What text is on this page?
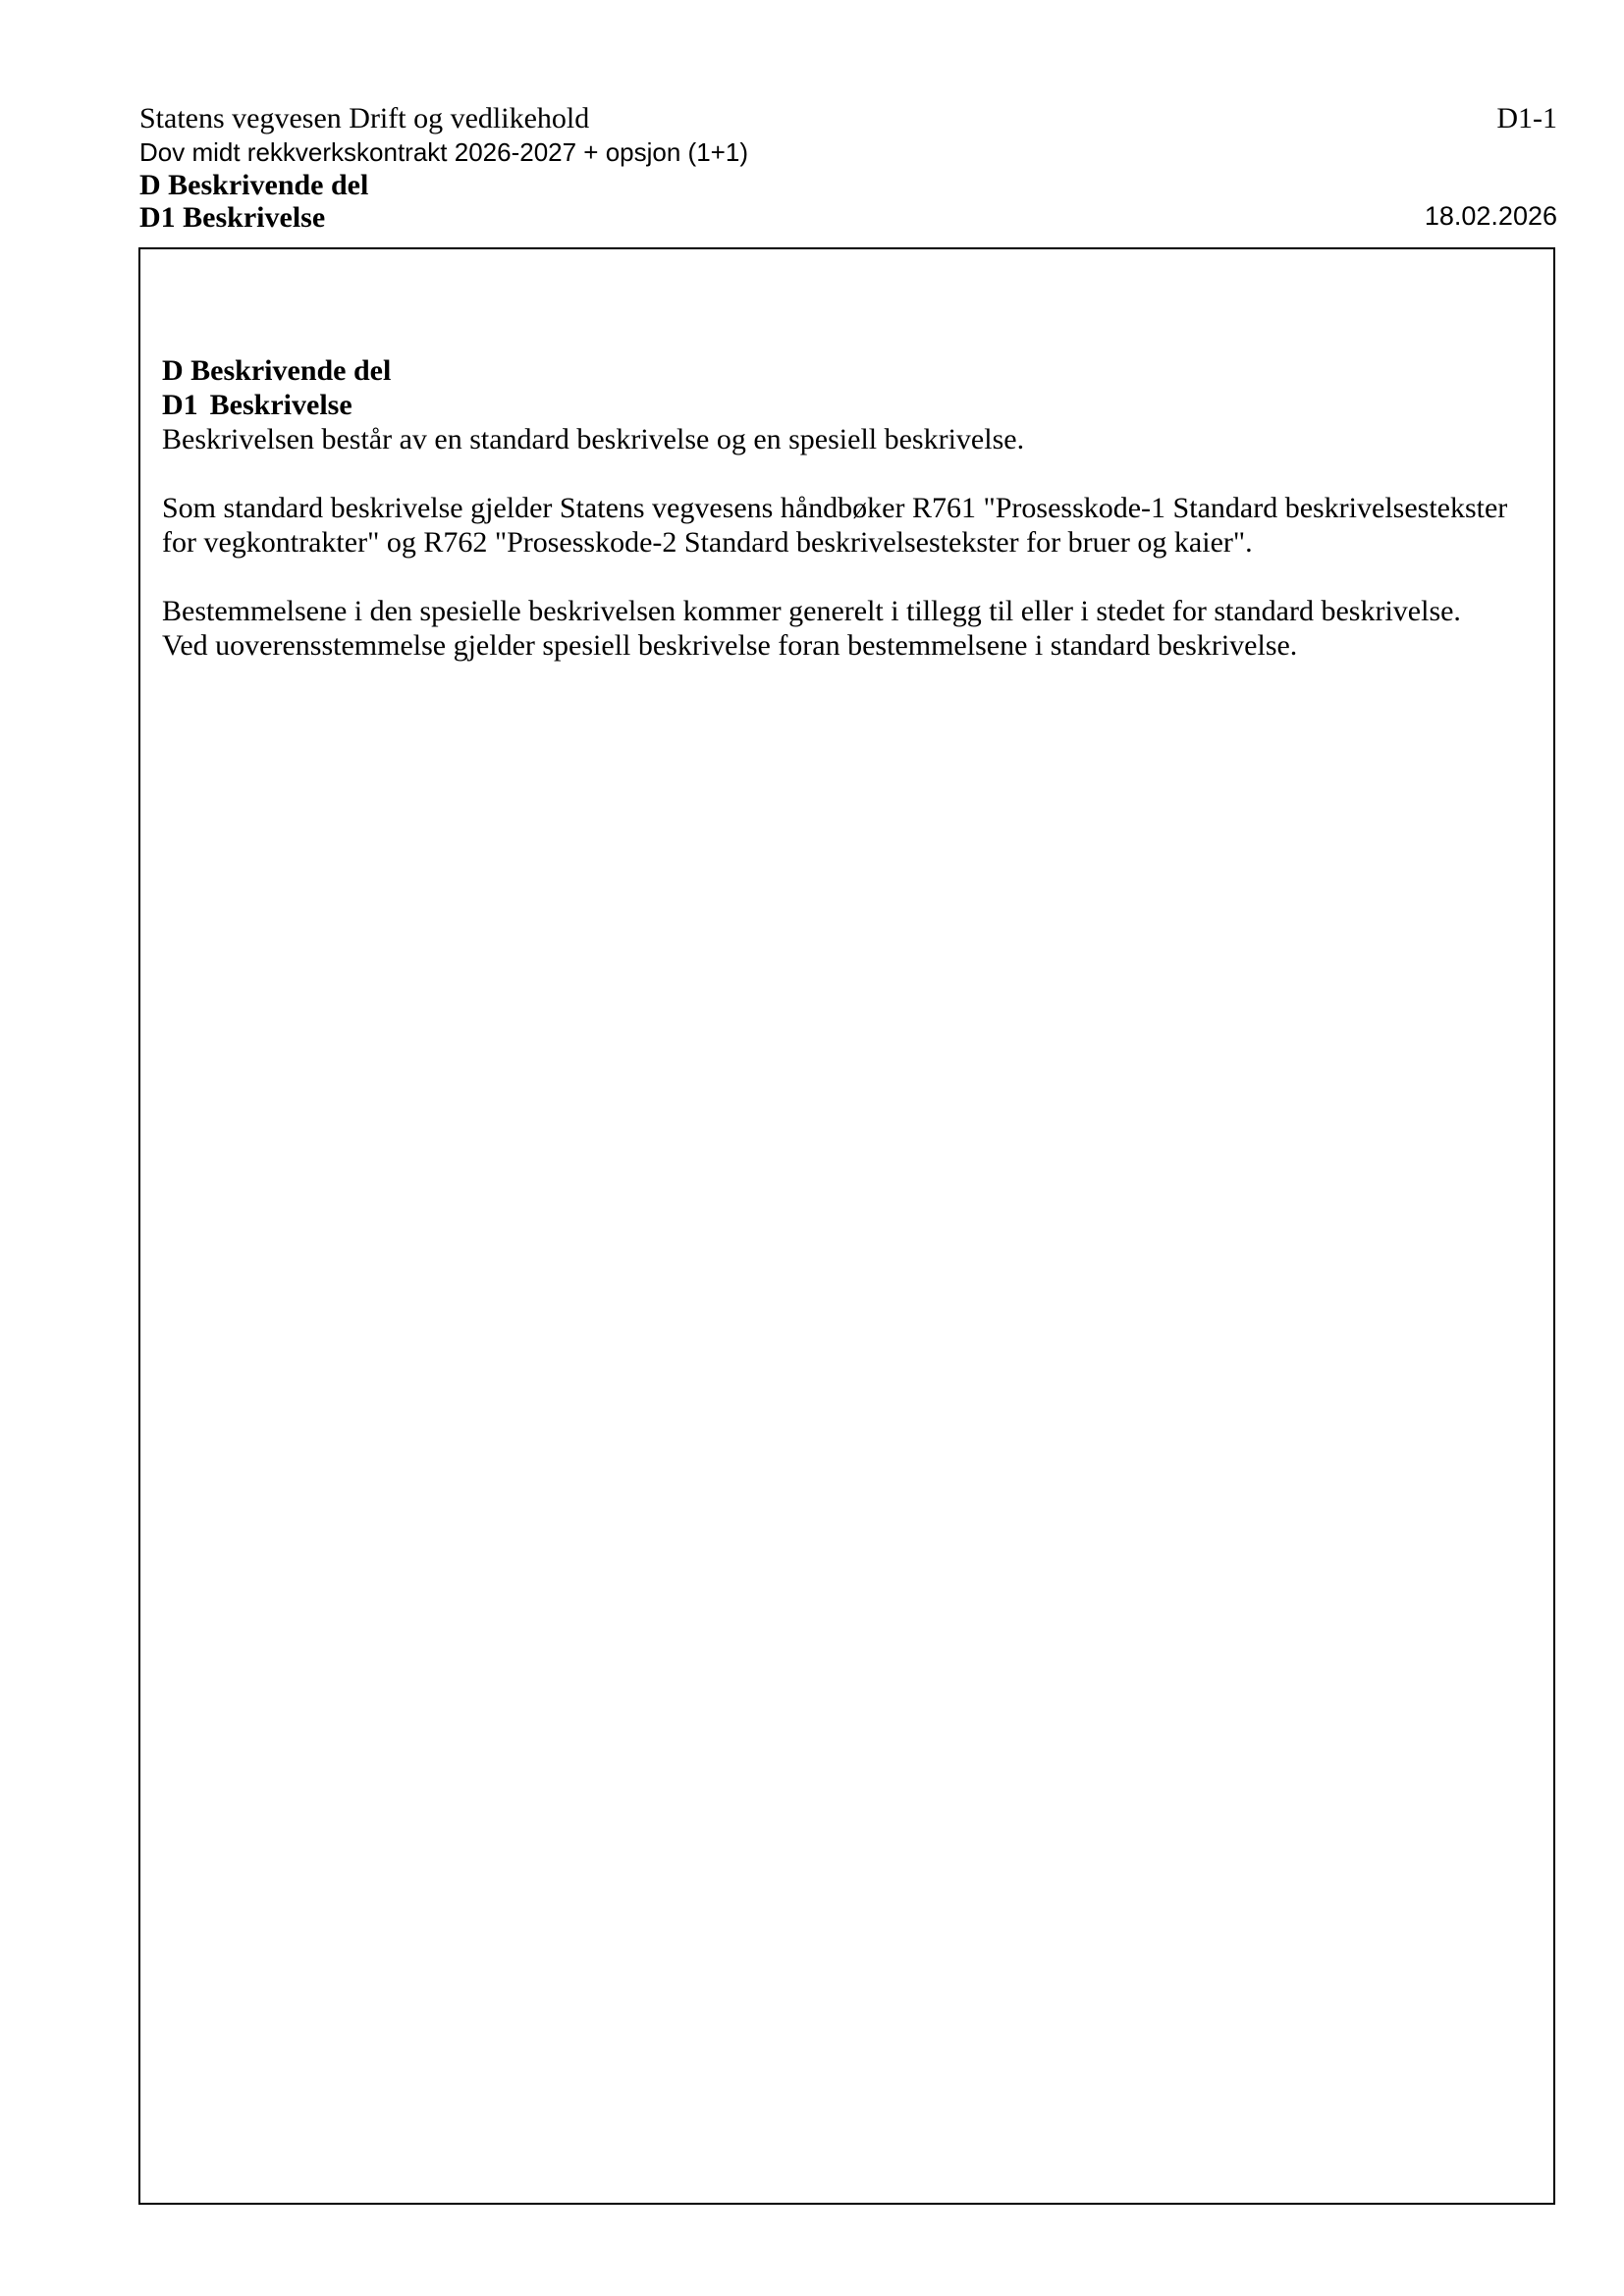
Statens vegvesen Drift og vedlikehold
Dov midt rekkverkskontrakt 2026-2027 + opsjon (1+1)
D Beskrivende del
D1 Beskrivelse
D1-1
18.02.2026
D Beskrivende del
D1 Beskrivelse

Beskrivelsen består av en standard beskrivelse og en spesiell beskrivelse.

Som standard beskrivelse gjelder Statens vegvesens håndbøker R761 "Prosesskode-1 Standard beskrivelsestekster for vegkontrakter" og R762 "Prosesskode-2 Standard beskrivelsestekster for bruer og kaier".

Bestemmelsene i den spesielle beskrivelsen kommer generelt i tillegg til eller i stedet for standard beskrivelse.

Ved uoverensstemmelse gjelder spesiell beskrivelse foran bestemmelsene i standard beskrivelse.
